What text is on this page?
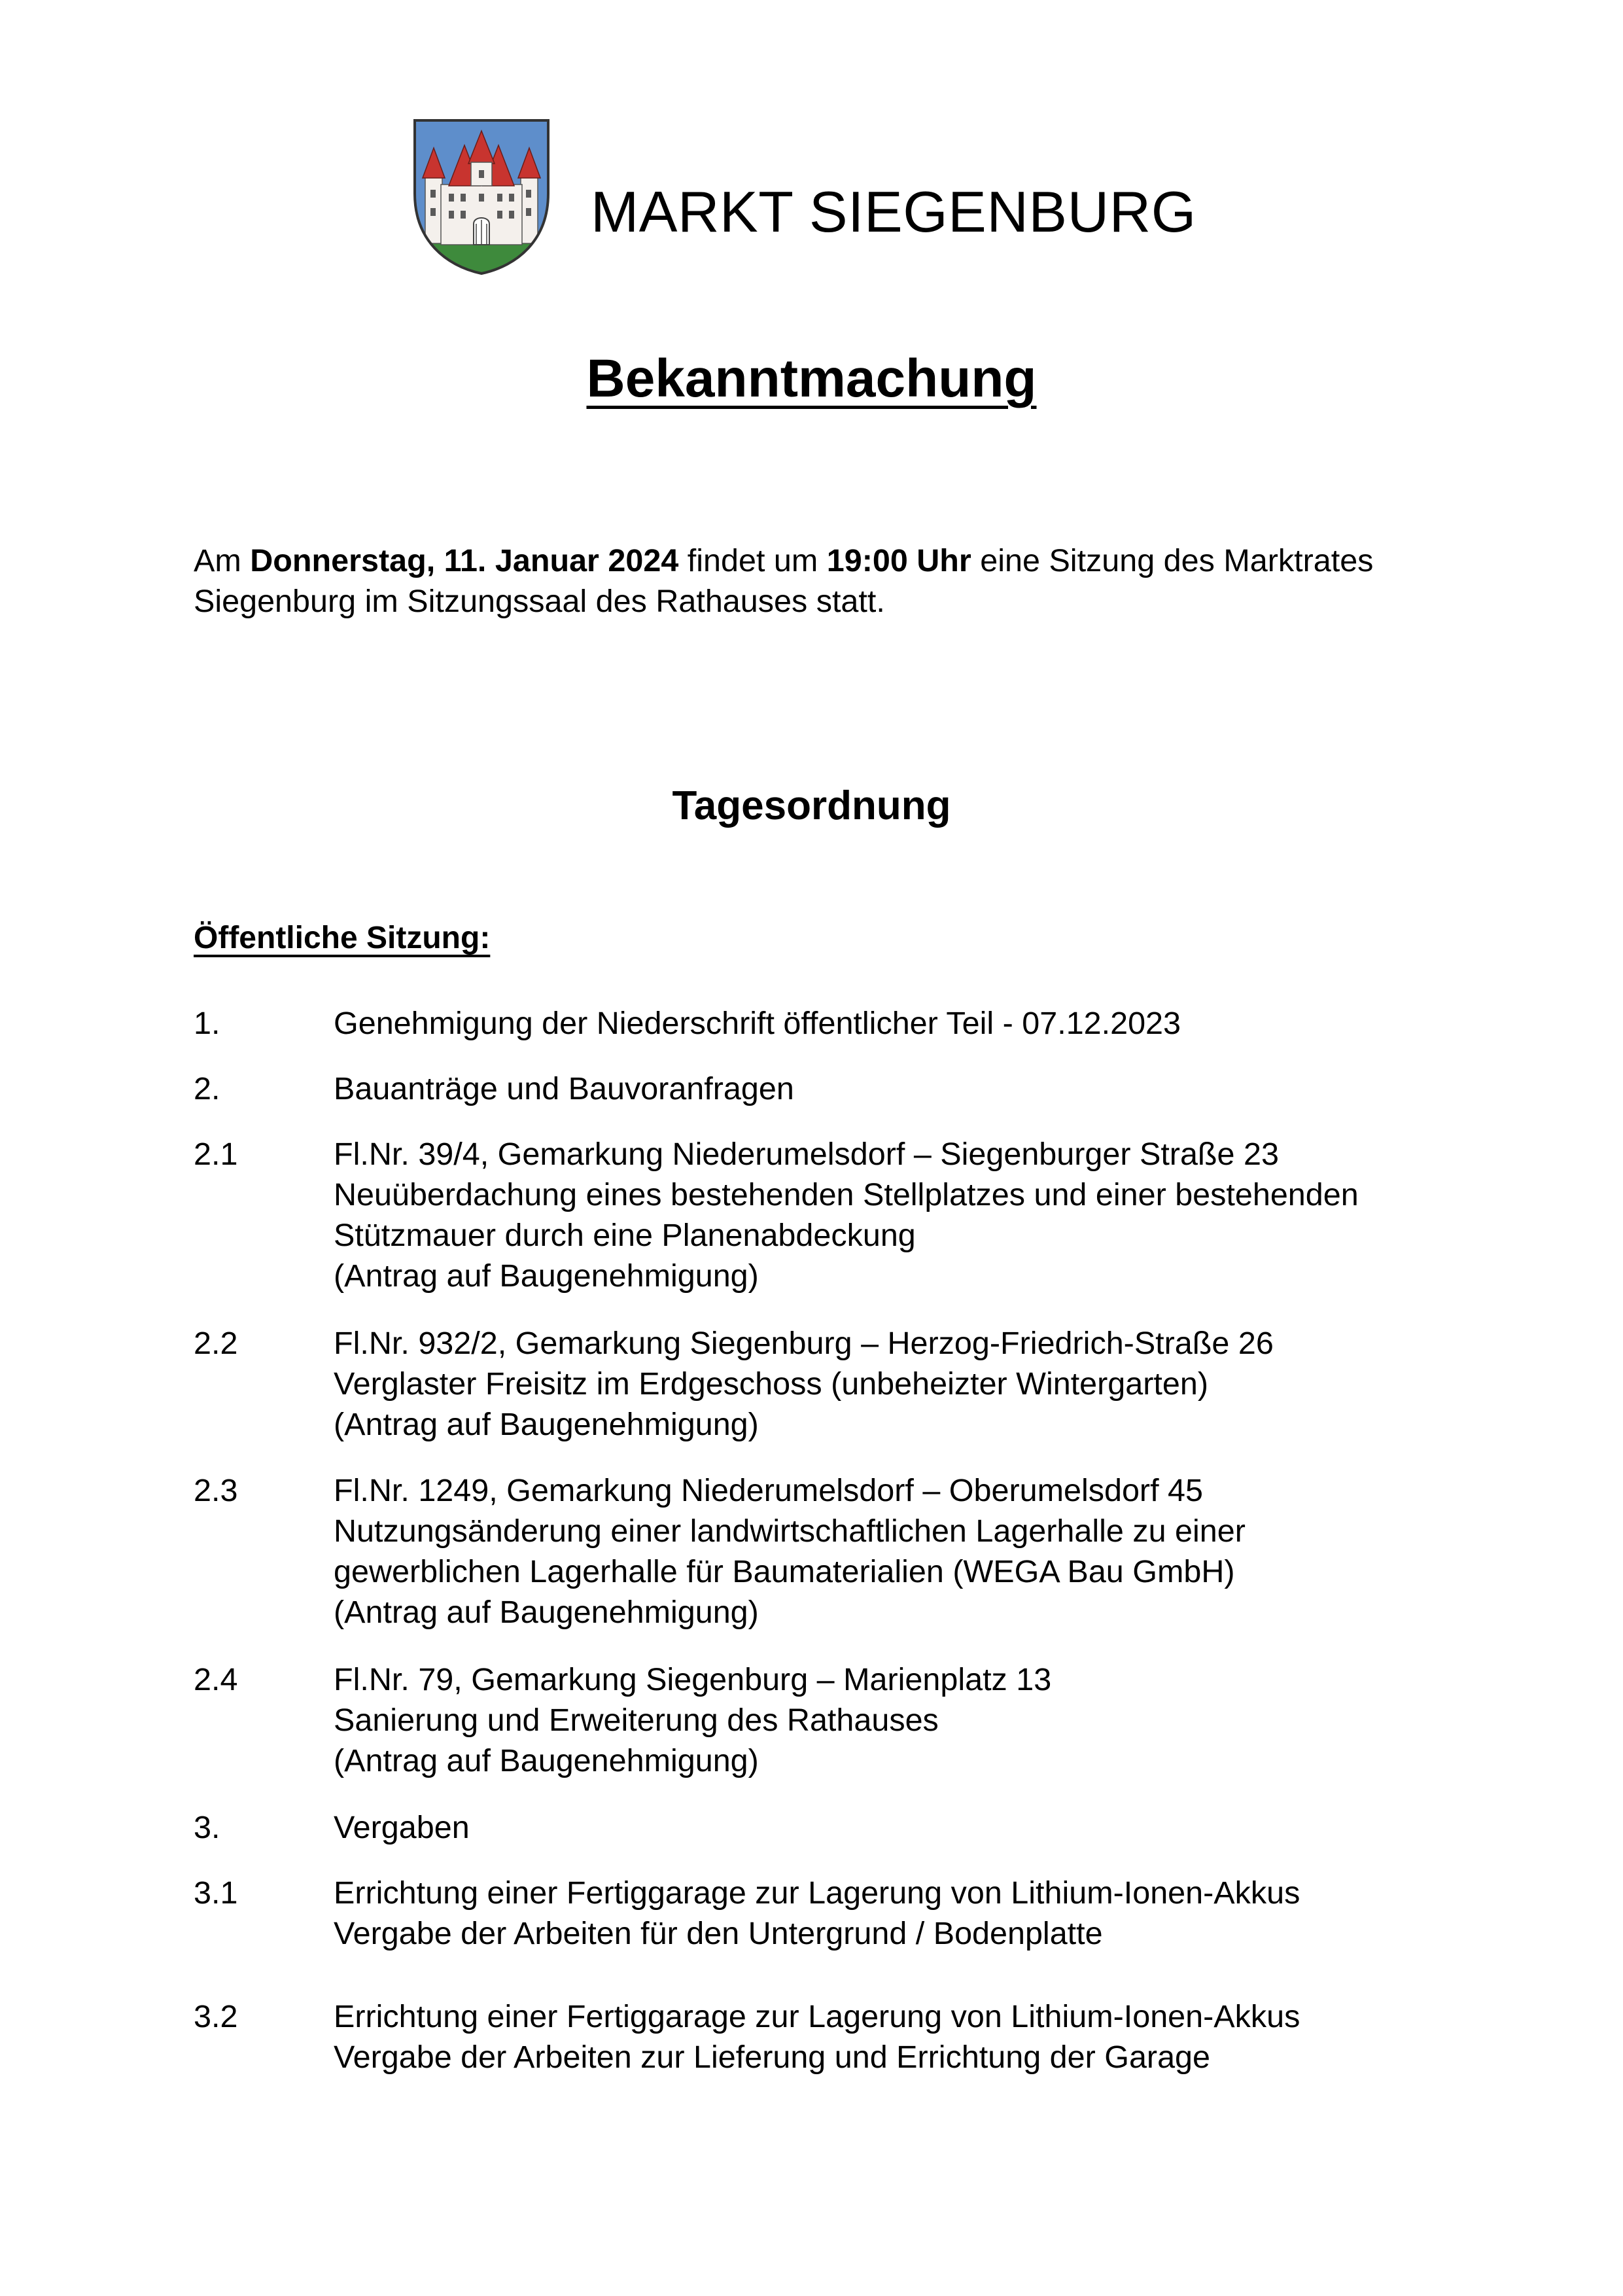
MARKT SIEGENBURG
Bekanntmachung
Am Donnerstag, 11. Januar 2024 findet um 19:00 Uhr eine Sitzung des Marktrates
Siegenburg im Sitzungssaal des Rathauses statt.
Tagesordnung
Öffentliche Sitzung:
1.	Genehmigung der Niederschrift öffentlicher Teil - 07.12.2023
2.	Bauanträge und Bauvoranfragen
2.1	Fl.Nr. 39/4, Gemarkung Niederumelsdorf – Siegenburger Straße 23
Neuüberdachung eines bestehenden Stellplatzes und einer bestehenden
Stützmauer durch eine Planenabdeckung
(Antrag auf Baugenehmigung)
2.2	Fl.Nr. 932/2, Gemarkung Siegenburg – Herzog-Friedrich-Straße 26
Verglaster Freisitz im Erdgeschoss (unbeheizter Wintergarten)
(Antrag auf Baugenehmigung)
2.3	Fl.Nr. 1249, Gemarkung Niederumelsdorf – Oberumelsdorf 45
Nutzungsänderung einer landwirtschaftlichen Lagerhalle zu einer
gewerblichen Lagerhalle für Baumaterialien (WEGA Bau GmbH)
(Antrag auf Baugenehmigung)
2.4	Fl.Nr. 79, Gemarkung Siegenburg – Marienplatz 13
Sanierung und Erweiterung des Rathauses
(Antrag auf Baugenehmigung)
3.	Vergaben
3.1	Errichtung einer Fertiggarage zur Lagerung von Lithium-Ionen-Akkus
Vergabe der Arbeiten für den Untergrund / Bodenplatte
3.2	Errichtung einer Fertiggarage zur Lagerung von Lithium-Ionen-Akkus
Vergabe der Arbeiten zur Lieferung und Errichtung der Garage
